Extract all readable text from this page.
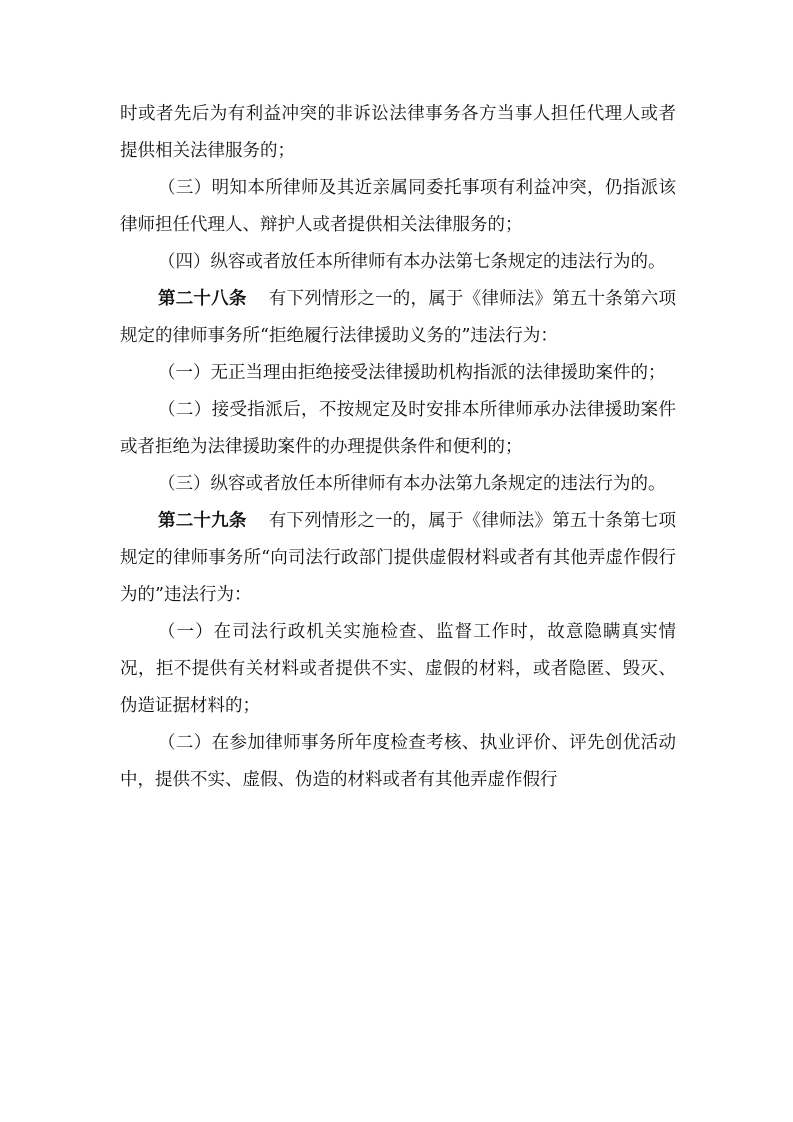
时或者先后为有利益冲突的非诉讼法律事务各方当事人担任代理人或者提供相关法律服务的；

（三）明知本所律师及其近亲属同委托事项有利益冲突，仍指派该律师担任代理人、辩护人或者提供相关法律服务的；

（四）纵容或者放任本所律师有本办法第七条规定的违法行为的。

第二十八条 有下列情形之一的，属于《律师法》第五十条第六项规定的律师事务所“拒绝履行法律援助义务的”违法行为：

（一）无正当理由拒绝接受法律援助机构指派的法律援助案件的；

（二）接受指派后，不按规定及时安排本所律师承办法律援助案件或者拒绝为法律援助案件的办理提供条件和便利的；

（三）纵容或者放任本所律师有本办法第九条规定的违法行为的。

第二十九条 有下列情形之一的，属于《律师法》第五十条第七项规定的律师事务所“向司法行政部门提供虚假材料或者有其他弄虚作假行为的”违法行为：

（一）在司法行政机关实施检查、监督工作时，故意隐瞒真实情况，拒不提供有关材料或者提供不实、虚假的材料，或者隐匿、毁灭、伪造证据材料的；

（二）在参加律师事务所年度检查考核、执业评价、评先创优活动中，提供不实、虚假、伪造的材料或者有其他弄虚作假行
